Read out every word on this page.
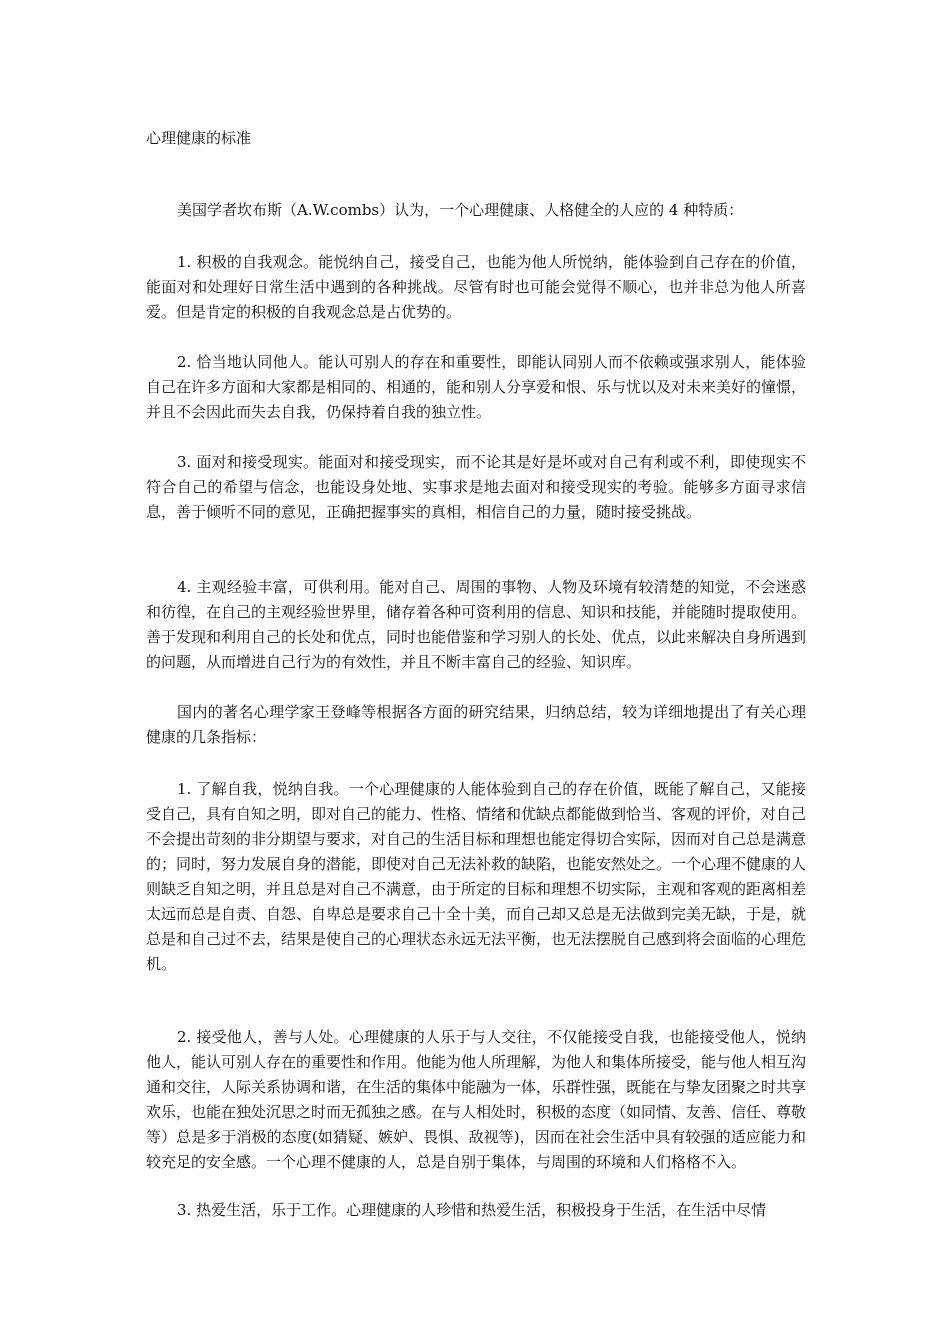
心理健康的标准

美国学者坎布斯（A.W.combs）认为，一个心理健康、人格健全的人应的 4 种特质：

1. 积极的自我观念。能悦纳自己，接受自己，也能为他人所悦纳，能体验到自己存在的价值，能面对和处理好日常生活中遇到的各种挑战。尽管有时也可能会觉得不顺心，也并非总为他人所喜爱。但是肯定的积极的自我观念总是占优势的。

2. 恰当地认同他人。能认可别人的存在和重要性，即能认同别人而不依赖或强求别人，能体验自己在许多方面和大家都是相同的、相通的，能和别人分享爱和恨、乐与忧以及对未来美好的憧憬，并且不会因此而失去自我，仍保持着自我的独立性。

3. 面对和接受现实。能面对和接受现实，而不论其是好是坏或对自己有利或不利，即使现实不符合自己的希望与信念，也能设身处地、实事求是地去面对和接受现实的考验。能够多方面寻求信息，善于倾听不同的意见，正确把握事实的真相，相信自己的力量，随时接受挑战。

4. 主观经验丰富，可供利用。能对自己、周围的事物、人物及环境有较清楚的知觉，不会迷惑和彷徨，在自己的主观经验世界里，储存着各种可资利用的信息、知识和技能，并能随时提取使用。善于发现和利用自己的长处和优点，同时也能借鉴和学习别人的长处、优点，以此来解决自身所遇到的问题，从而增进自己行为的有效性，并且不断丰富自己的经验、知识库。

国内的著名心理学家王登峰等根据各方面的研究结果，归纳总结，较为详细地提出了有关心理健康的几条指标：

1. 了解自我，悦纳自我。一个心理健康的人能体验到自己的存在价值，既能了解自己，又能接受自己，具有自知之明，即对自己的能力、性格、情绪和优缺点都能做到恰当、客观的评价，对自己不会提出苛刻的非分期望与要求，对自己的生活目标和理想也能定得切合实际，因而对自己总是满意的；同时，努力发展自身的潜能，即使对自己无法补救的缺陷，也能安然处之。一个心理不健康的人则缺乏自知之明，并且总是对自己不满意，由于所定的目标和理想不切实际，主观和客观的距离相差太远而总是自责、自怨、自卑总是要求自己十全十美，而自己却又总是无法做到完美无缺，于是，就总是和自己过不去，结果是使自己的心理状态永远无法平衡，也无法摆脱自己感到将会面临的心理危机。

2. 接受他人，善与人处。心理健康的人乐于与人交往，不仅能接受自我，也能接受他人，悦纳他人，能认可别人存在的重要性和作用。他能为他人所理解，为他人和集体所接受，能与他人相互沟通和交往，人际关系协调和谐，在生活的集体中能融为一体，乐群性强，既能在与挚友团聚之时共享欢乐，也能在独处沉思之时而无孤独之感。在与人相处时，积极的态度（如同情、友善、信任、尊敬等）总是多于消极的态度(如猜疑、嫉妒、畏惧、敌视等)，因而在社会生活中具有较强的适应能力和较充足的安全感。一个心理不健康的人，总是自别于集体，与周围的环境和人们格格不入。

3. 热爱生活，乐于工作。心理健康的人珍惜和热爱生活，积极投身于生活，在生活中尽情
